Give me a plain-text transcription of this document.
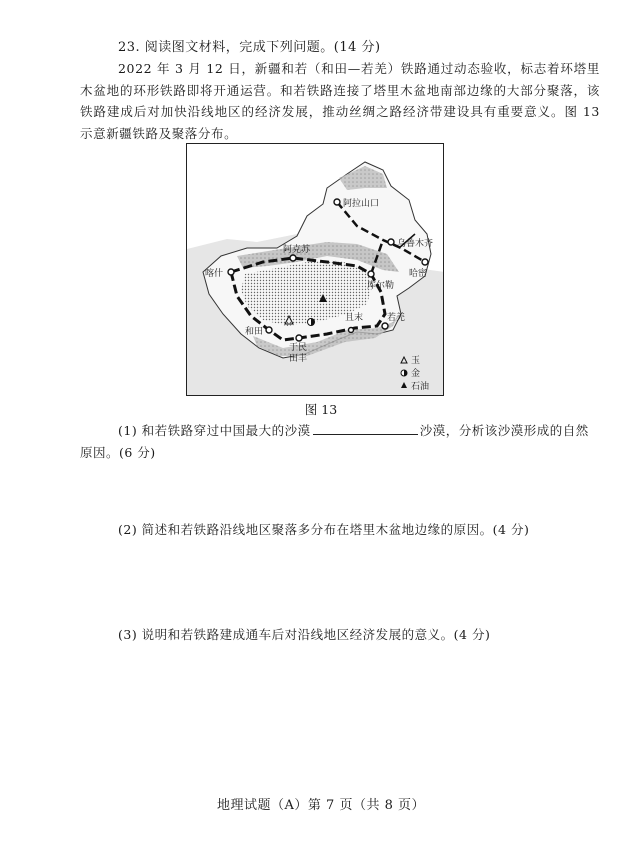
23. 阅读图文材料，完成下列问题。(14 分)
2022 年 3 月 12 日，新疆和若（和田—若羌）铁路通过动态验收，标志着环塔里木盆地的环形铁路即将开通运营。和若铁路连接了塔里木盆地南部边缘的大部分聚落，该铁路建成后对加快沿线地区的经济发展，推动丝绸之路经济带建设具有重要意义。图 13 示意新疆铁路及聚落分布。
阿拉山口
乌鲁木齐
阿克苏
喀什
库尔勒
哈密
和田
若羌
于民
田丰
且末
玉
金
石油
图 13
(1) 和若铁路穿过中国最大的沙漠	沙漠，分析该沙漠形成的自然原因。(6 分)
(2) 简述和若铁路沿线地区聚落多分布在塔里木盆地边缘的原因。(4 分)
(3) 说明和若铁路建成通车后对沿线地区经济发展的意义。(4 分)
地理试题（A）第 7 页（共 8 页）
